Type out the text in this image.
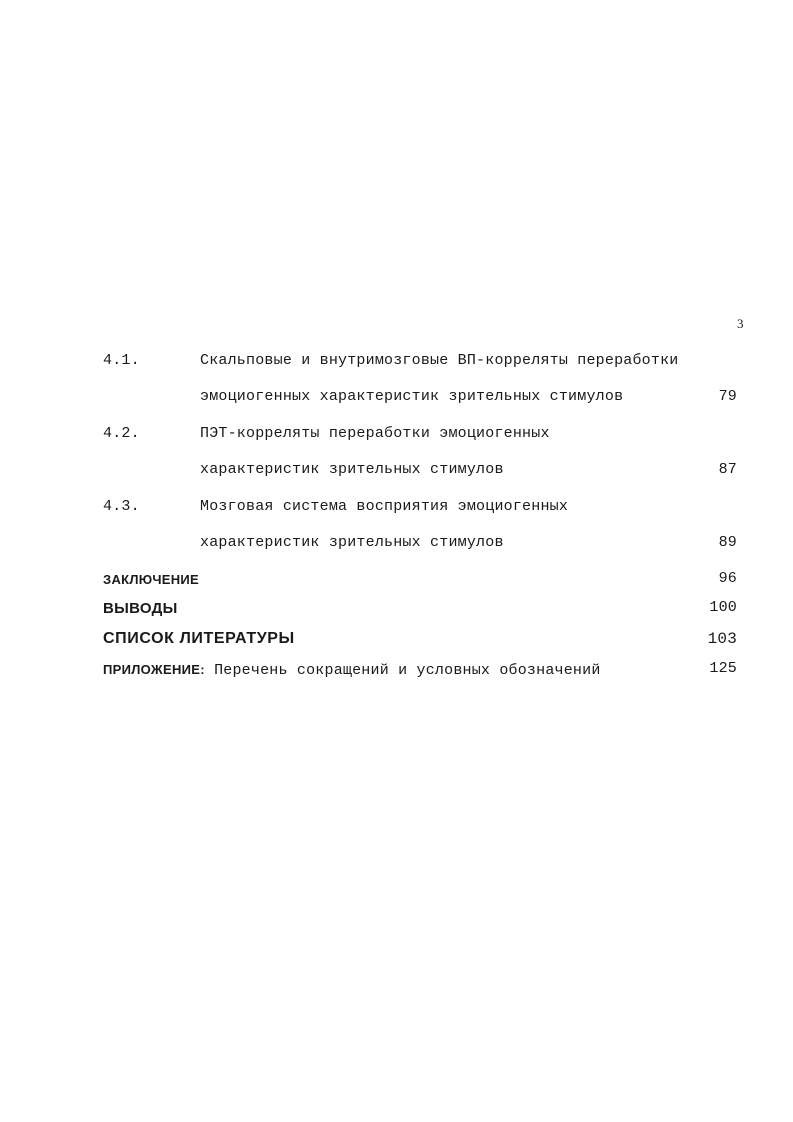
3
4.1.	Скальповые и внутримозговые ВП-корреляты переработки
эмоциогенных характеристик зрительных стимулов	79
4.2.	ПЭТ-корреляты переработки эмоциогенных
характеристик зрительных стимулов	87
4.3.	Мозговая система восприятия эмоциогенных
характеристик зрительных стимулов	89
ЗАКЛЮЧЕНИЕ	96
ВЫВОДЫ	100
СПИСОК ЛИТЕРАТУРЫ	103
ПРИЛОЖЕНИЕ: Перечень сокращений и условных обозначений	125
